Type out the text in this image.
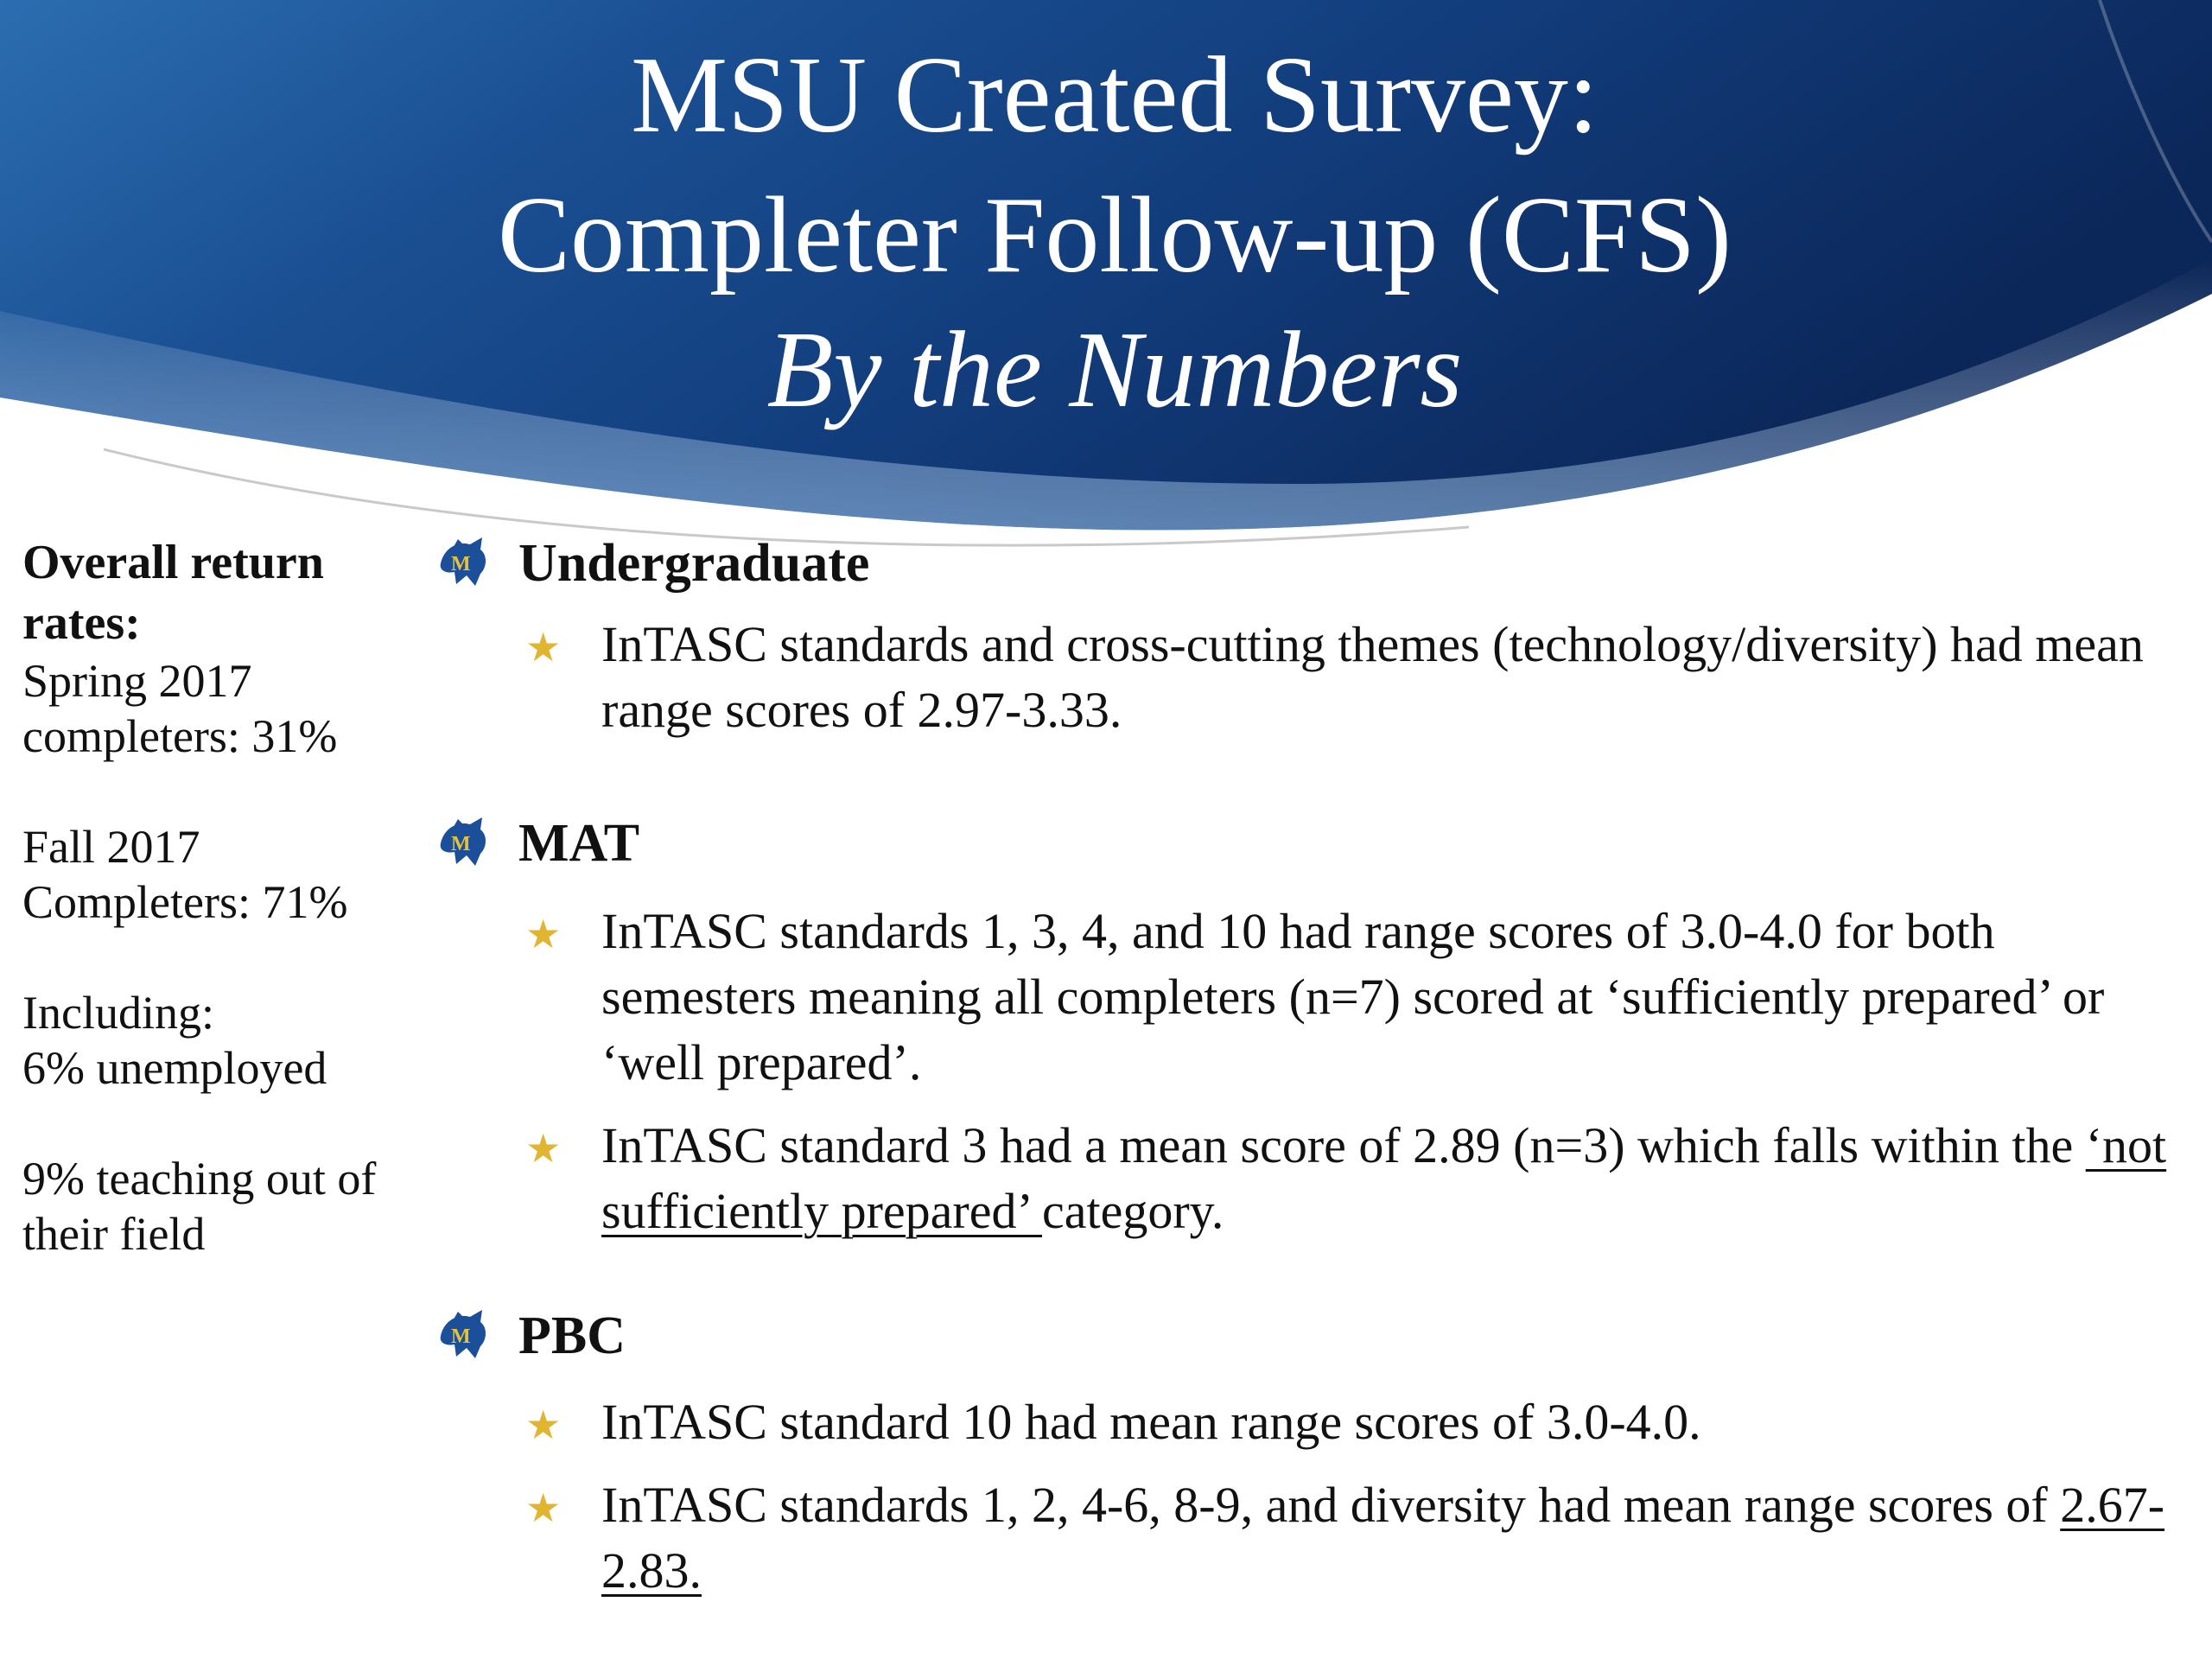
MSU Created Survey:
Completer Follow-up (CFS)
By the Numbers
Overall return rates:

Spring 2017 completers: 31%

Fall 2017 Completers: 71%

Including:
6% unemployed

9% teaching out of their field

M Undergraduate
★ InTASC standards and cross-cutting themes (technology/diversity) had mean range scores of 2.97-3.33.
M MAT
★ InTASC standards 1, 3, 4, and 10 had range scores of 3.0-4.0 for both semesters meaning all completers (n=7) scored at ‘sufficiently prepared’ or ‘well prepared’.
★ InTASC standard 3 had a mean score of 2.89 (n=3) which falls within the ‘not sufficiently prepared’ category.
M PBC
★ InTASC standard 10 had mean range scores of 3.0-4.0.
★ InTASC standards 1, 2, 4-6, 8-9, and diversity had mean range scores of 2.67-2.83.
